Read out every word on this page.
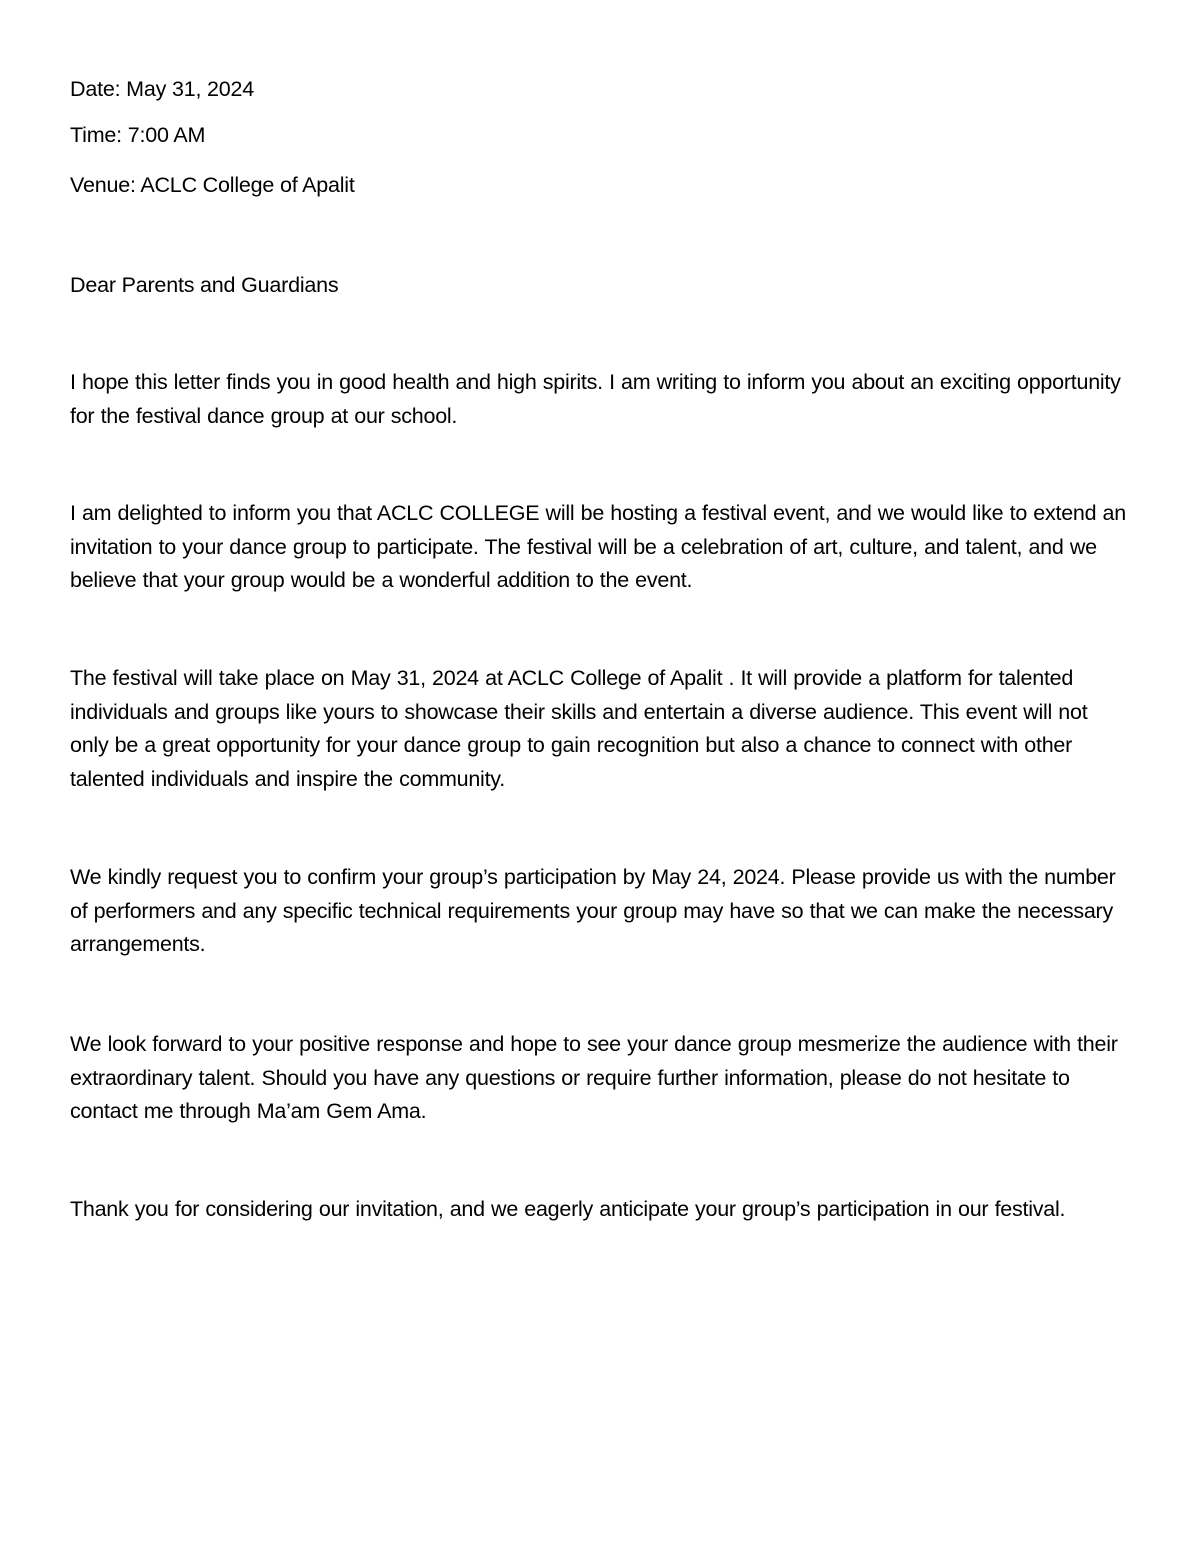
Date: May 31, 2024
Time: 7:00 AM
Venue: ACLC College of Apalit
Dear Parents and Guardians

I hope this letter finds you in good health and high spirits. I am writing to inform you about an exciting opportunity for the festival dance group at our school.

I am delighted to inform you that ACLC COLLEGE will be hosting a festival event, and we would like to extend an invitation to your dance group to participate. The festival will be a celebration of art, culture, and talent, and we believe that your group would be a wonderful addition to the event.

The festival will take place on May 31, 2024 at ACLC College of Apalit . It will provide a platform for talented individuals and groups like yours to showcase their skills and entertain a diverse audience. This event will not only be a great opportunity for your dance group to gain recognition but also a chance to connect with other talented individuals and inspire the community.

We kindly request you to confirm your group’s participation by May 24, 2024. Please provide us with the number of performers and any specific technical requirements your group may have so that we can make the necessary arrangements.

We look forward to your positive response and hope to see your dance group mesmerize the audience with their extraordinary talent. Should you have any questions or require further information, please do not hesitate to contact me through Ma’am Gem Ama.

Thank you for considering our invitation, and we eagerly anticipate your group’s participation in our festival.
